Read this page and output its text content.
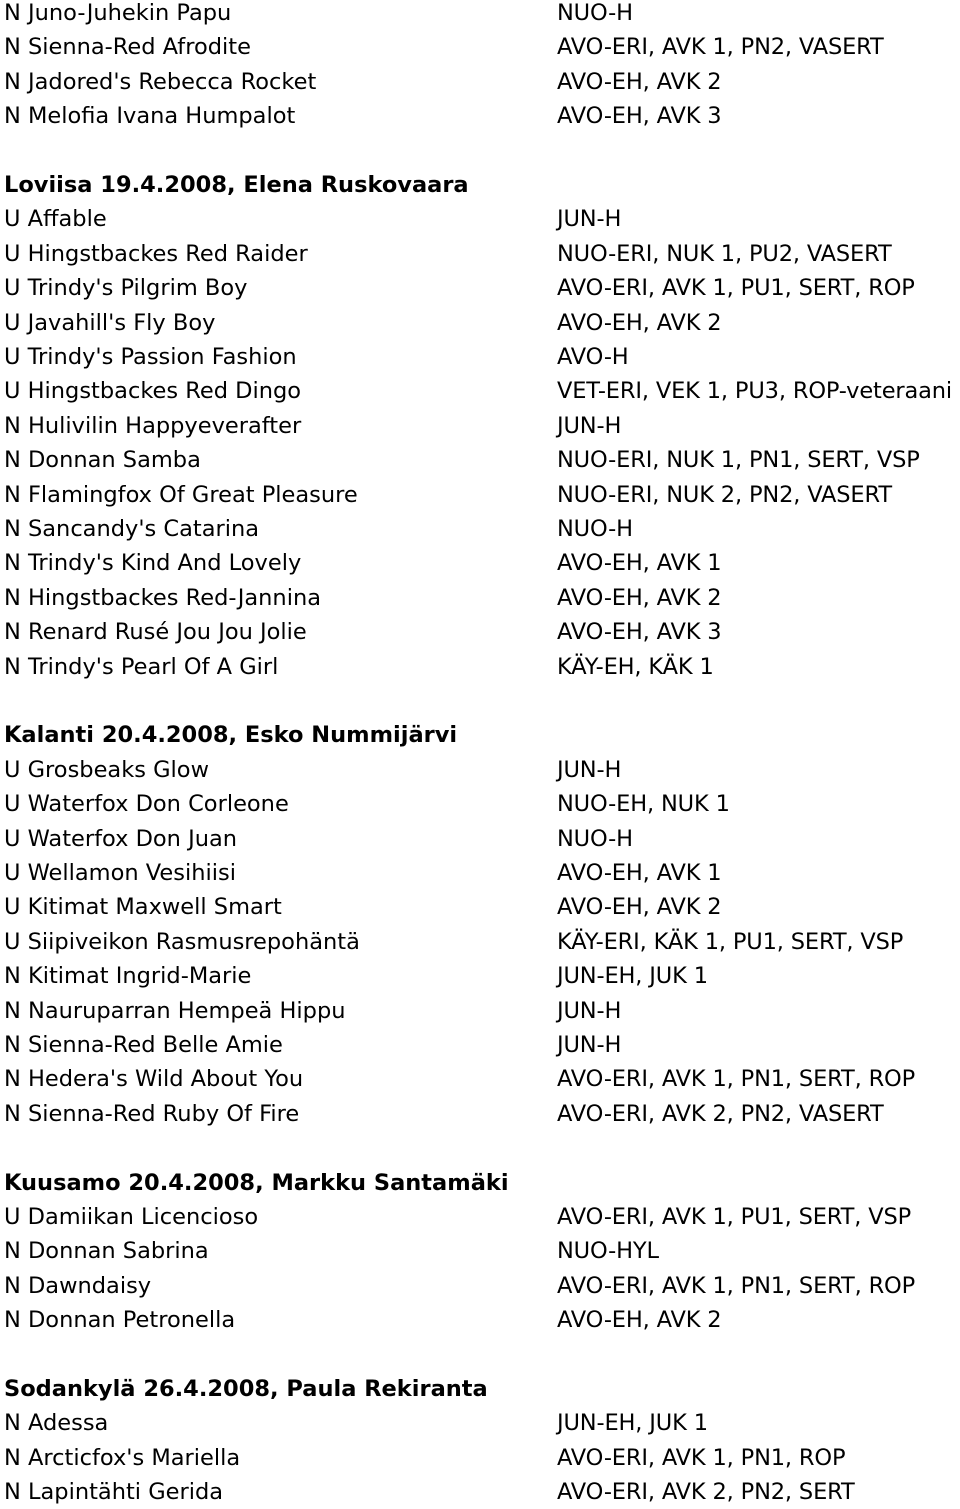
N Juno-Juhekin Papu	NUO-H
N Sienna-Red Afrodite	AVO-ERI, AVK 1, PN2, VASERT
N Jadored's Rebecca Rocket	AVO-EH, AVK 2
N Melofia Ivana Humpalot	AVO-EH, AVK 3
Loviisa 19.4.2008, Elena Ruskovaara
U Affable	JUN-H
U Hingstbackes Red Raider	NUO-ERI, NUK 1, PU2, VASERT
U Trindy's Pilgrim Boy	AVO-ERI, AVK 1, PU1, SERT, ROP
U Javahill's Fly Boy	AVO-EH, AVK 2
U Trindy's Passion Fashion	AVO-H
U Hingstbackes Red Dingo	VET-ERI, VEK 1, PU3, ROP-veteraani
N Hulivilin Happyeverafter	JUN-H
N Donnan Samba	NUO-ERI, NUK 1, PN1, SERT, VSP
N Flamingfox Of Great Pleasure	NUO-ERI, NUK 2, PN2, VASERT
N Sancandy's Catarina	NUO-H
N Trindy's Kind And Lovely	AVO-EH, AVK 1
N Hingstbackes Red-Jannina	AVO-EH, AVK 2
N Renard Rusé Jou Jou Jolie	AVO-EH, AVK 3
N Trindy's Pearl Of A Girl	KÄY-EH, KÄK 1
Kalanti 20.4.2008, Esko Nummijärvi
U Grosbeaks Glow	JUN-H
U Waterfox Don Corleone	NUO-EH, NUK 1
U Waterfox Don Juan	NUO-H
U Wellamon Vesihiisi	AVO-EH, AVK 1
U Kitimat Maxwell Smart	AVO-EH, AVK 2
U Siipiveikon Rasmusrepohäntä	KÄY-ERI, KÄK 1, PU1, SERT, VSP
N Kitimat Ingrid-Marie	JUN-EH, JUK 1
N Nauruparran Hempeä Hippu	JUN-H
N Sienna-Red Belle Amie	JUN-H
N Hedera's Wild About You	AVO-ERI, AVK 1, PN1, SERT, ROP
N Sienna-Red Ruby Of Fire	AVO-ERI, AVK 2, PN2, VASERT
Kuusamo 20.4.2008, Markku Santamäki
U Damiikan Licencioso	AVO-ERI, AVK 1, PU1, SERT, VSP
N Donnan Sabrina	NUO-HYL
N Dawndaisy	AVO-ERI, AVK 1, PN1, SERT, ROP
N Donnan Petronella	AVO-EH, AVK 2
Sodankylä 26.4.2008, Paula Rekiranta
N Adessa	JUN-EH, JUK 1
N Arcticfox's Mariella	AVO-ERI, AVK 1, PN1, ROP
N Lapintähti Gerida	AVO-ERI, AVK 2, PN2, SERT
